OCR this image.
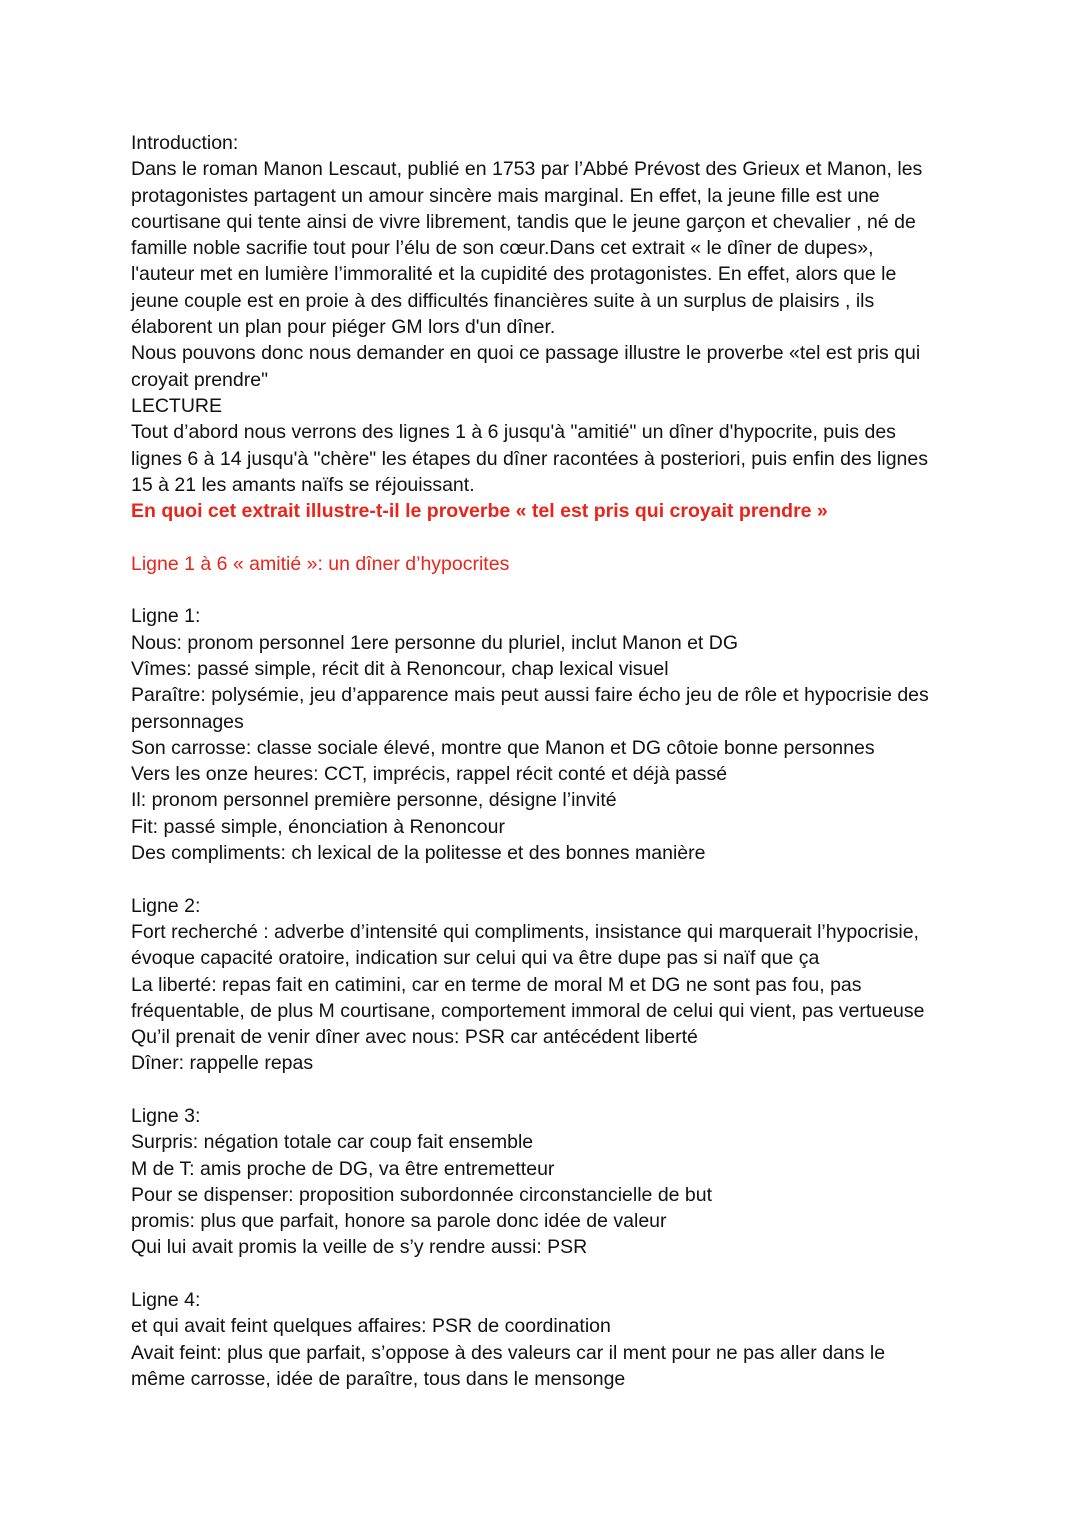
Introduction:
Dans le roman Manon Lescaut, publié en 1753 par l’Abbé Prévost des Grieux et Manon, les
protagonistes partagent un amour sincère mais marginal. En effet, la jeune fille est une
courtisane qui tente ainsi de vivre librement, tandis que le jeune garçon et chevalier , né de
famille noble sacrifie tout pour l’élu de son cœur.Dans cet extrait « le dîner de dupes»,
l'auteur met en lumière l’immoralité et la cupidité des protagonistes. En effet, alors que le
jeune couple est en proie à des difficultés financières suite à un surplus de plaisirs , ils
élaborent un plan pour piéger GM lors d'un dîner.
Nous pouvons donc nous demander en quoi ce passage illustre le proverbe «tel est pris qui
croyait prendre"
LECTURE
Tout d’abord nous verrons des lignes 1 à 6 jusqu'à "amitié" un dîner d'hypocrite, puis des
lignes 6 à 14 jusqu'à "chère" les étapes du dîner racontées à posteriori, puis enfin des lignes
15 à 21 les amants naïfs se réjouissant.
En quoi cet extrait illustre-t-il le proverbe « tel est pris qui croyait prendre »
Ligne 1 à 6 « amitié »: un dîner d’hypocrites
Ligne 1:
Nous: pronom personnel 1ere personne du pluriel, inclut Manon et DG
Vîmes: passé simple, récit dit à Renoncour, chap lexical visuel
Paraître: polysémie, jeu d’apparence mais peut aussi faire écho jeu de rôle et hypocrisie des
personnages
Son carrosse: classe sociale élevé, montre que Manon et DG côtoie bonne personnes
Vers les onze heures: CCT, imprécis, rappel récit conté et déjà passé
Il: pronom personnel première personne, désigne l’invité
Fit: passé simple, énonciation à Renoncour
Des compliments: ch lexical de la politesse et des bonnes manière
Ligne 2:
Fort recherché : adverbe d’intensité qui compliments, insistance qui marquerait l’hypocrisie,
évoque capacité oratoire, indication sur celui qui va être dupe pas si naïf que ça
La liberté: repas fait en catimini, car en terme de moral M et DG ne sont pas fou, pas
fréquentable, de plus M courtisane, comportement immoral de celui qui vient, pas vertueuse
Qu’il prenait de venir dîner avec nous: PSR car antécédent liberté
Dîner: rappelle repas
Ligne 3:
Surpris: négation totale car coup fait ensemble
M de T: amis proche de DG, va être entremetteur
Pour se dispenser: proposition subordonnée circonstancielle de but
promis: plus que parfait, honore sa parole donc idée de valeur
Qui lui avait promis la veille de s’y rendre aussi: PSR
Ligne 4:
et qui avait feint quelques affaires: PSR de coordination
Avait feint: plus que parfait, s’oppose à des valeurs car il ment pour ne pas aller dans le
même carrosse, idée de paraître, tous dans le mensonge
